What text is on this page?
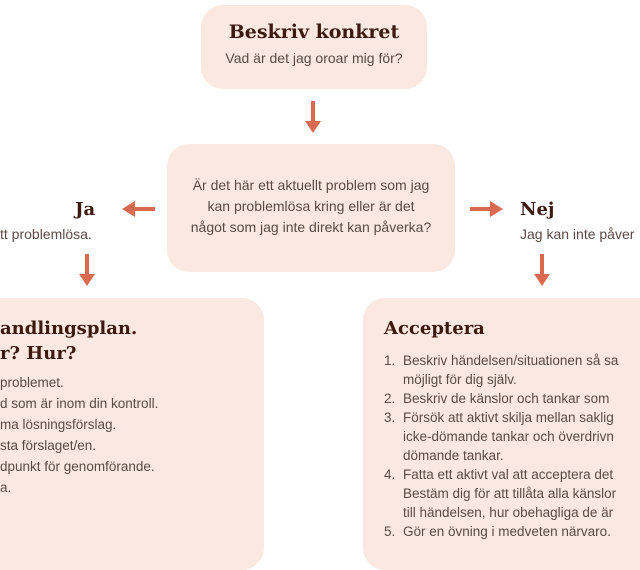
Beskriv konkret
Vad är det jag oroar mig för?
Är det här ett aktuellt problem som jag
kan problemlösa kring eller är det
något som jag inte direkt kan påverka?
Ja
tt problemlösa.
Nej
Jag kan inte påver
andlingsplan.
r? Hur?
problemet.
d som är inom din kontroll.
ma lösningsförslag.
sta förslaget/en.
dpunkt för genomförande.
a.
Acceptera
1. Beskriv händelsen/situationen så sa
möjligt för dig själv.
2. Beskriv de känslor och tankar som
3. Försök att aktivt skilja mellan saklig
icke-dömande tankar och överdrivn
dömande tankar.
4. Fatta ett aktivt val att acceptera det
Bestäm dig för att tillåta alla känslor
till händelsen, hur obehagliga de är
5. Gör en övning i medveten närvaro.
